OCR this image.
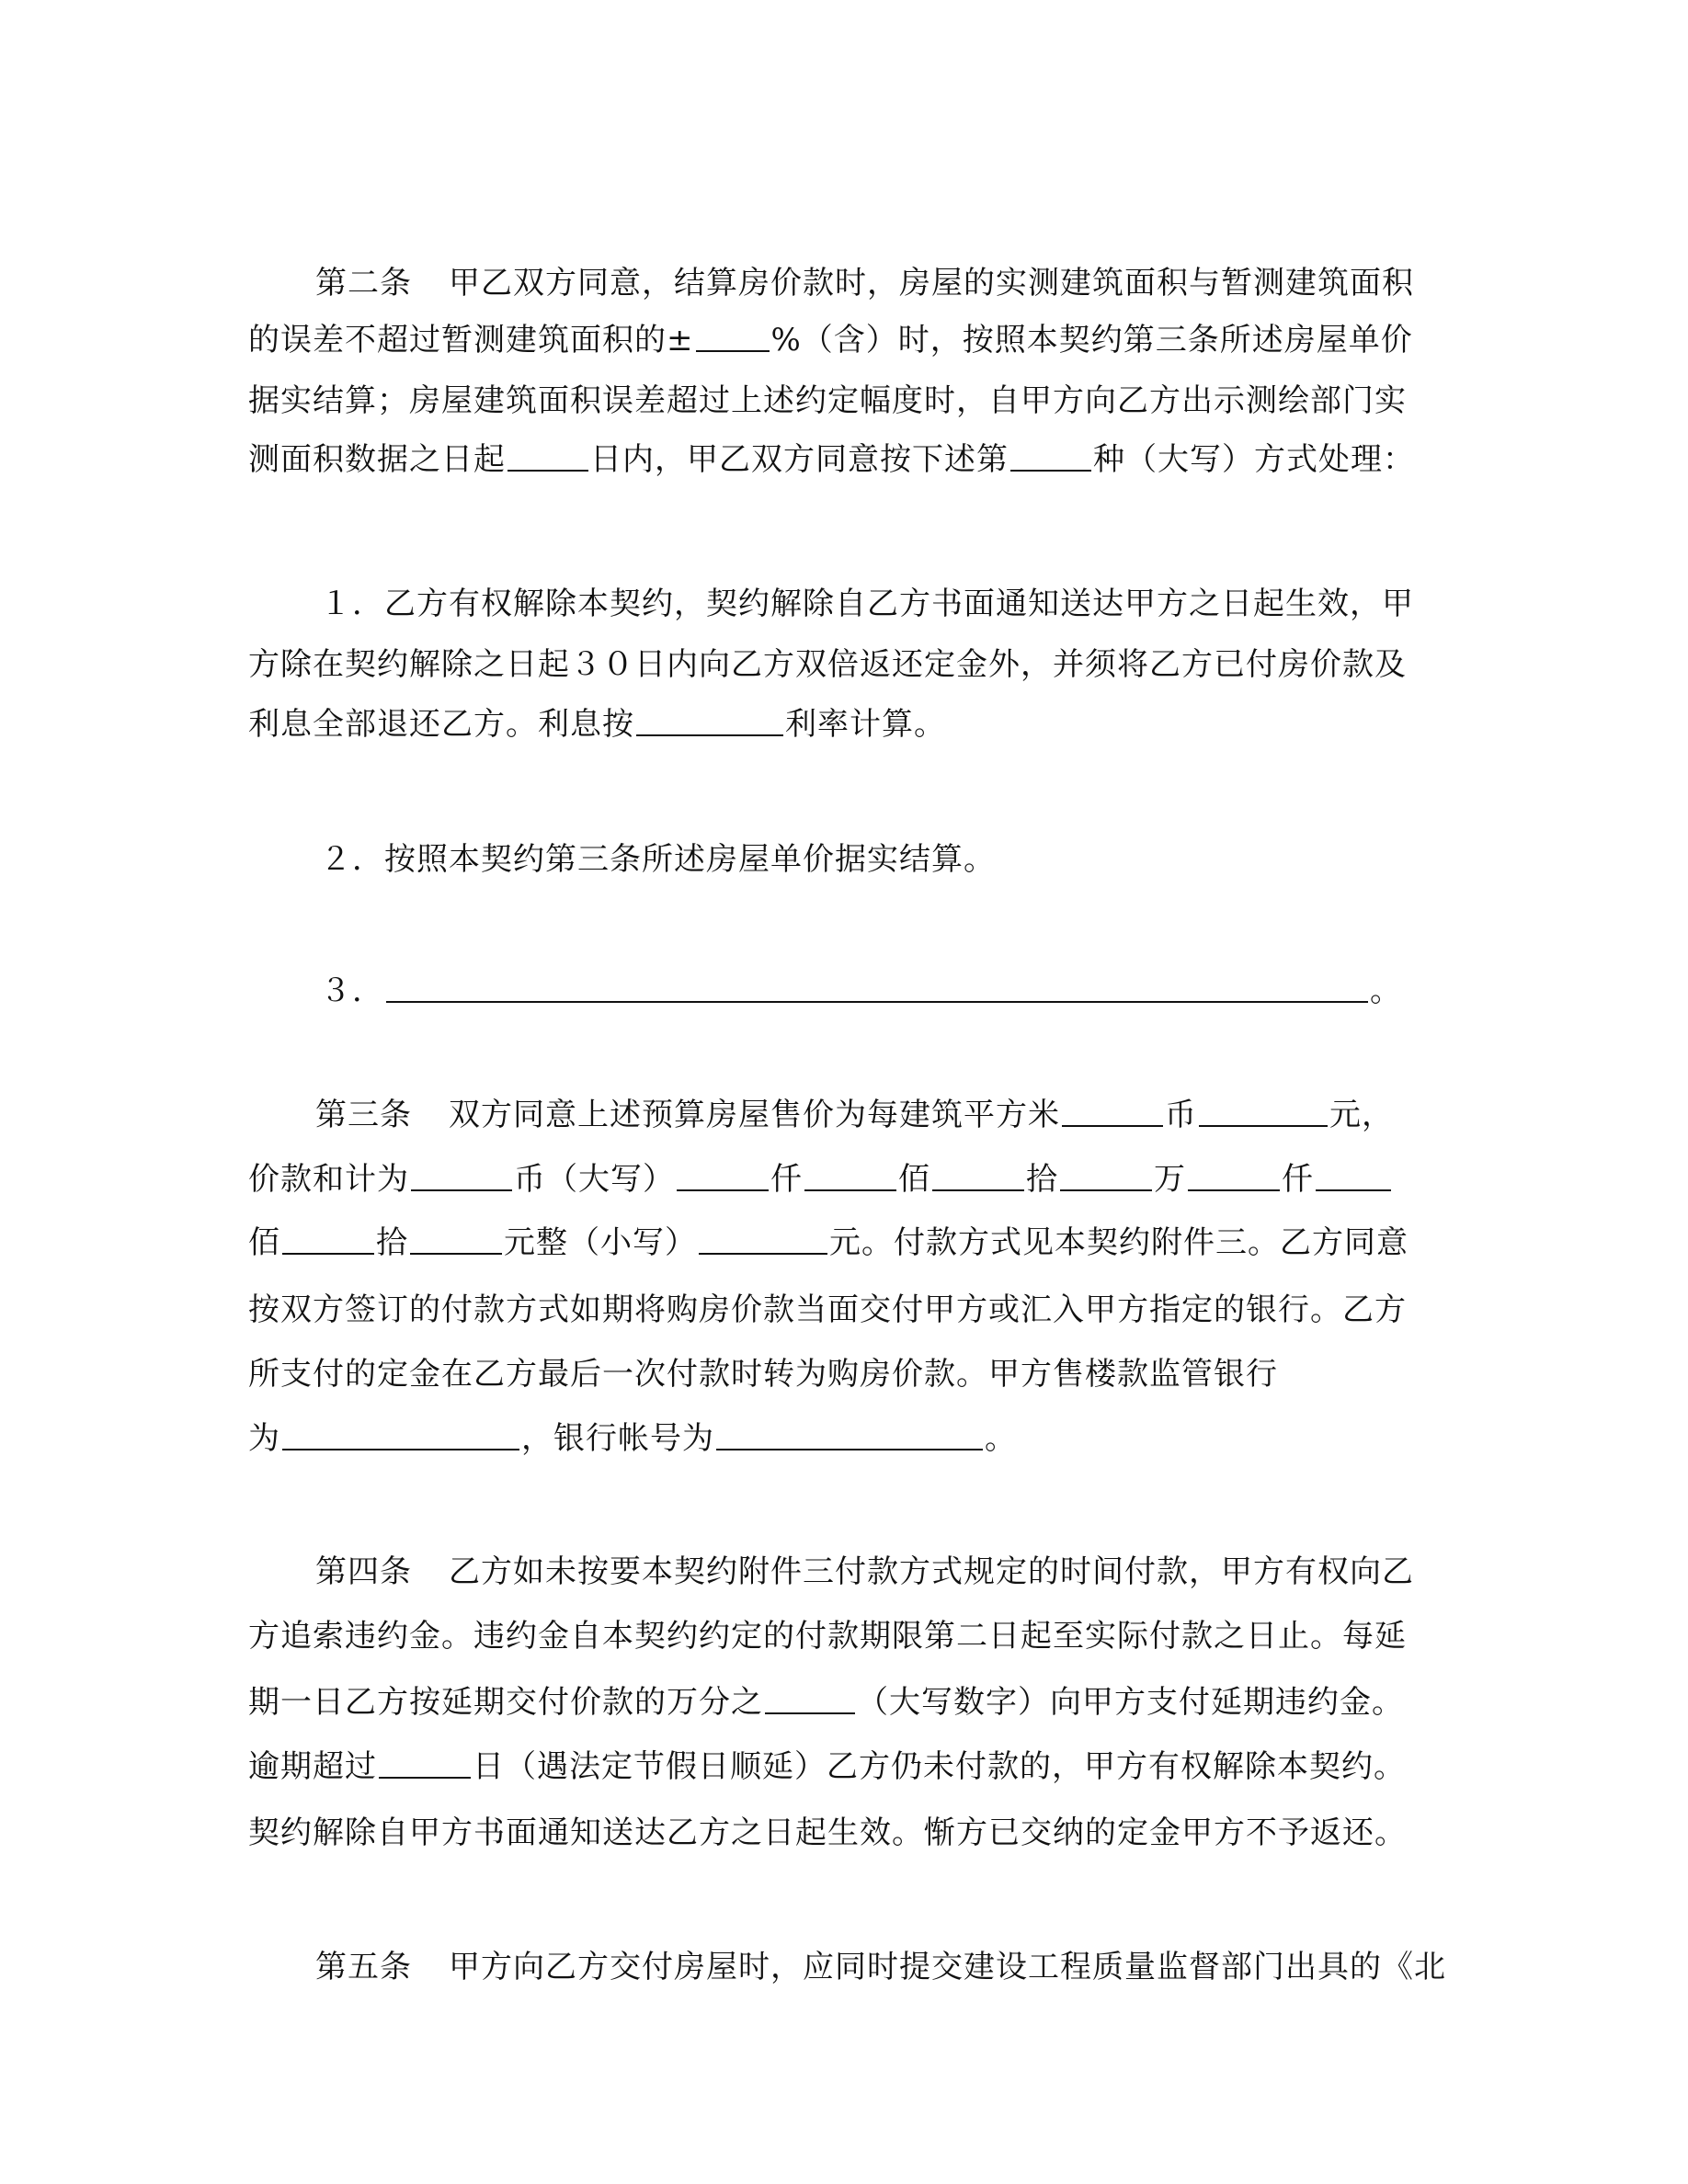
第二条 甲乙双方同意，结算房价款时，房屋的实测建筑面积与暂测建筑面积
的误差不超过暂测建筑面积的± %（含）时，按照本契约第三条所述房屋单价
据实结算；房屋建筑面积误差超过上述约定幅度时，自甲方向乙方出示测绘部门实
测面积数据之日起	日内，甲乙双方同意按下述第	种（大写）方式处理：
１．乙方有权解除本契约，契约解除自乙方书面通知送达甲方之日起生效，甲
方除在契约解除之日起３０日内向乙方双倍返还定金外，并须将乙方已付房价款及
利息全部退还乙方。利息按	利率计算。
２．按照本契约第三条所述房屋单价据实结算。
３．	。
第三条 双方同意上述预算房屋售价为每建筑平方米	币	元，
价款和计为	币（大写）	仟	佰	拾	万	仟
佰	拾	元整（小写）	元。付款方式见本契约附件三。乙方同意
按双方签订的付款方式如期将购房价款当面交付甲方或汇入甲方指定的银行。乙方
所支付的定金在乙方最后一次付款时转为购房价款。甲方售楼款监管银行
为	，银行帐号为	。
第四条 乙方如未按要本契约附件三付款方式规定的时间付款，甲方有权向乙
方追索违约金。违约金自本契约约定的付款期限第二日起至实际付款之日止。每延
期一日乙方按延期交付价款的万分之	（大写数字）向甲方支付延期违约金。
逾期超过	日（遇法定节假日顺延）乙方仍未付款的，甲方有权解除本契约。
契约解除自甲方书面通知送达乙方之日起生效。惭方已交纳的定金甲方不予返还。
第五条 甲方向乙方交付房屋时，应同时提交建设工程质量监督部门出具的《北
